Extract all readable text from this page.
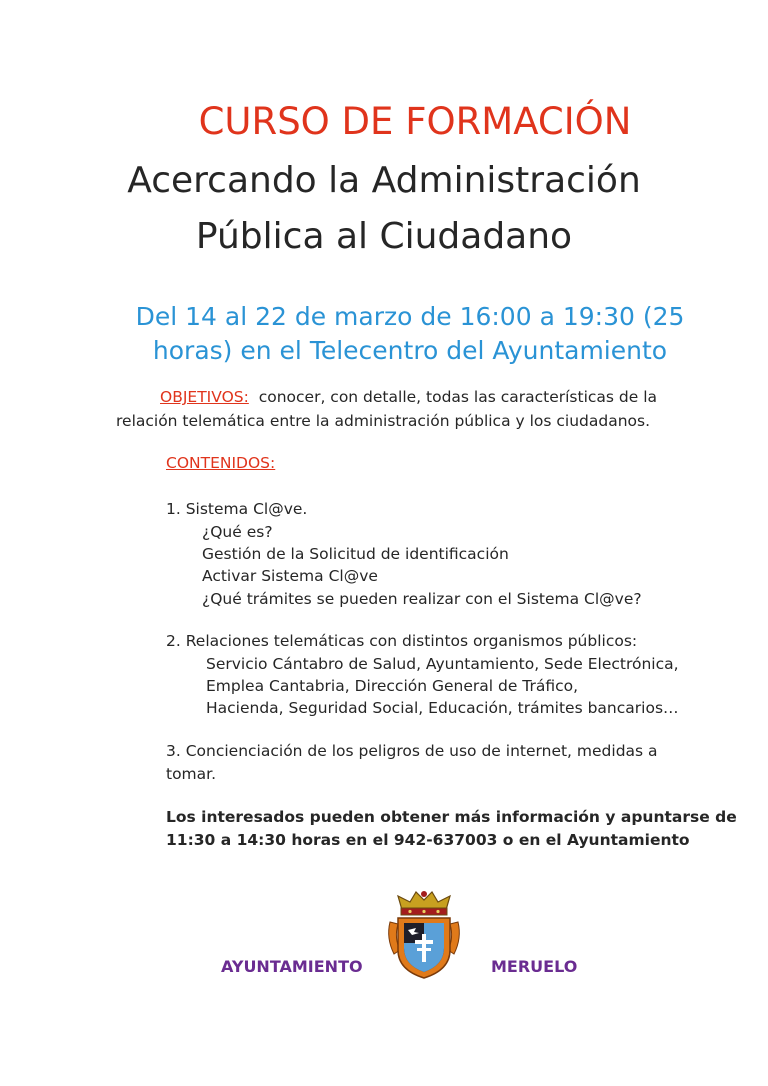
CURSO DE FORMACIÓN
Acercando la Administración
Pública al Ciudadano
Del 14 al 22 de marzo de 16:00 a 19:30 (25
horas) en el Telecentro del Ayuntamiento
OBJETIVOS: conocer, con detalle, todas las características de la
relación telemática entre la administración pública y los ciudadanos.
CONTENIDOS:
1. Sistema Cl@ve.
¿Qué es?
Gestión de la Solicitud de identificación
Activar Sistema Cl@ve
¿Qué trámites se pueden realizar con el Sistema Cl@ve?
2. Relaciones telemáticas con distintos organismos públicos:
Servicio Cántabro de Salud, Ayuntamiento, Sede Electrónica,
Emplea Cantabria, Dirección General de Tráfico,
Hacienda, Seguridad Social, Educación, trámites bancarios…
3. Concienciación de los peligros de uso de internet, medidas a
tomar.
Los interesados pueden obtener más información y apuntarse de
11:30 a 14:30 horas en el 942-637003 o en el Ayuntamiento
AYUNTAMIENTO	MERUELO
